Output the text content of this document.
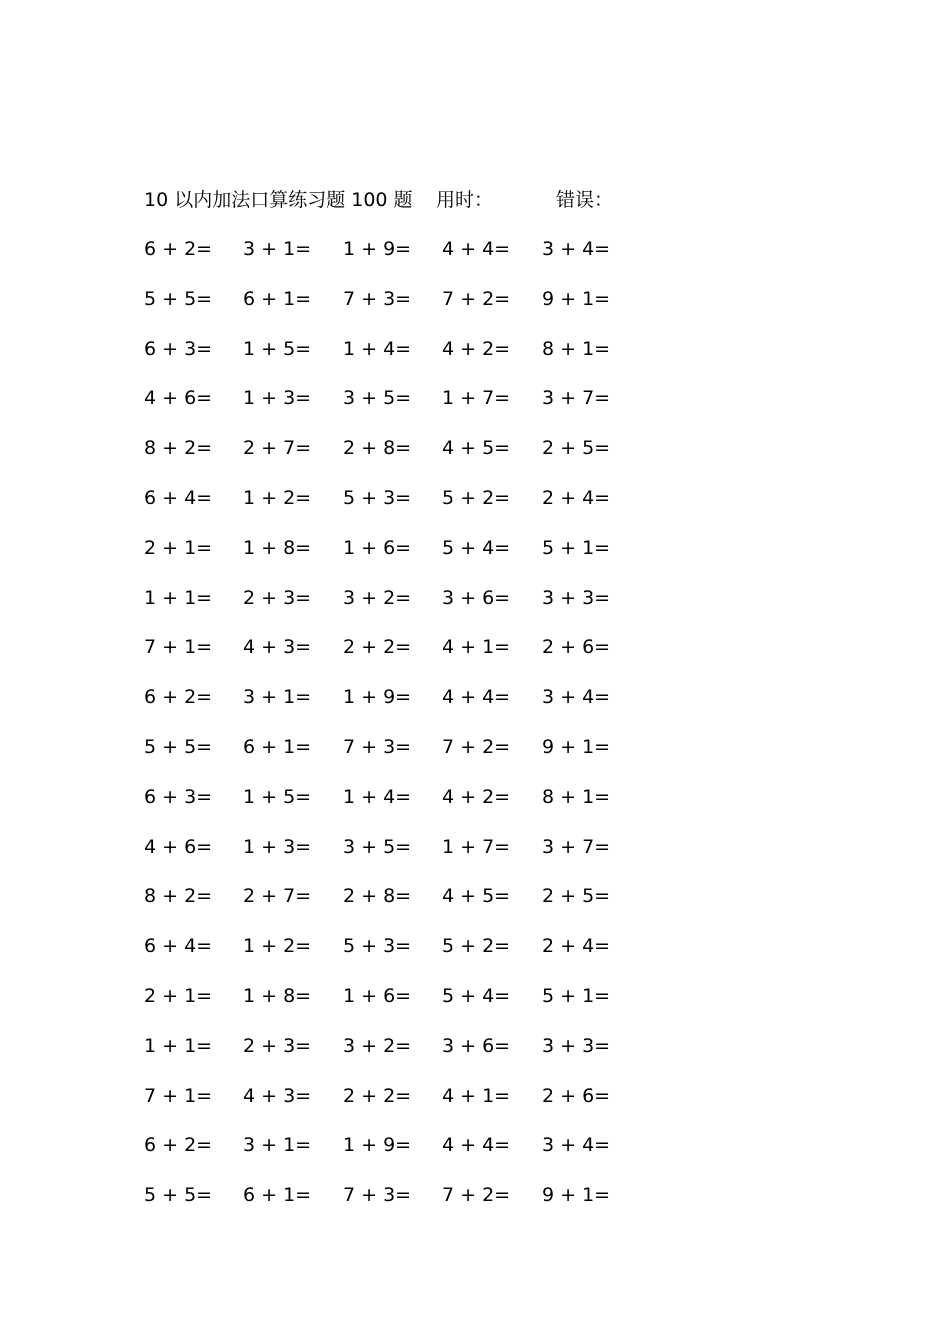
10 以内加法口算练习题 100 题 用时：	错误：
6 + 2= 3 + 1= 1 + 9= 4 + 4= 3 + 4=
5 + 5= 6 + 1= 7 + 3= 7 + 2= 9 + 1=
6 + 3= 1 + 5= 1 + 4= 4 + 2= 8 + 1=
4 + 6= 1 + 3= 3 + 5= 1 + 7= 3 + 7=
8 + 2= 2 + 7= 2 + 8= 4 + 5= 2 + 5=
6 + 4= 1 + 2= 5 + 3= 5 + 2= 2 + 4=
2 + 1= 1 + 8= 1 + 6= 5 + 4= 5 + 1=
1 + 1= 2 + 3= 3 + 2= 3 + 6= 3 + 3=
7 + 1= 4 + 3= 2 + 2= 4 + 1= 2 + 6=
6 + 2= 3 + 1= 1 + 9= 4 + 4= 3 + 4=
5 + 5= 6 + 1= 7 + 3= 7 + 2= 9 + 1=
6 + 3= 1 + 5= 1 + 4= 4 + 2= 8 + 1=
4 + 6= 1 + 3= 3 + 5= 1 + 7= 3 + 7=
8 + 2= 2 + 7= 2 + 8= 4 + 5= 2 + 5=
6 + 4= 1 + 2= 5 + 3= 5 + 2= 2 + 4=
2 + 1= 1 + 8= 1 + 6= 5 + 4= 5 + 1=
1 + 1= 2 + 3= 3 + 2= 3 + 6= 3 + 3=
7 + 1= 4 + 3= 2 + 2= 4 + 1= 2 + 6=
6 + 2= 3 + 1= 1 + 9= 4 + 4= 3 + 4=
5 + 5= 6 + 1= 7 + 3= 7 + 2= 9 + 1=
